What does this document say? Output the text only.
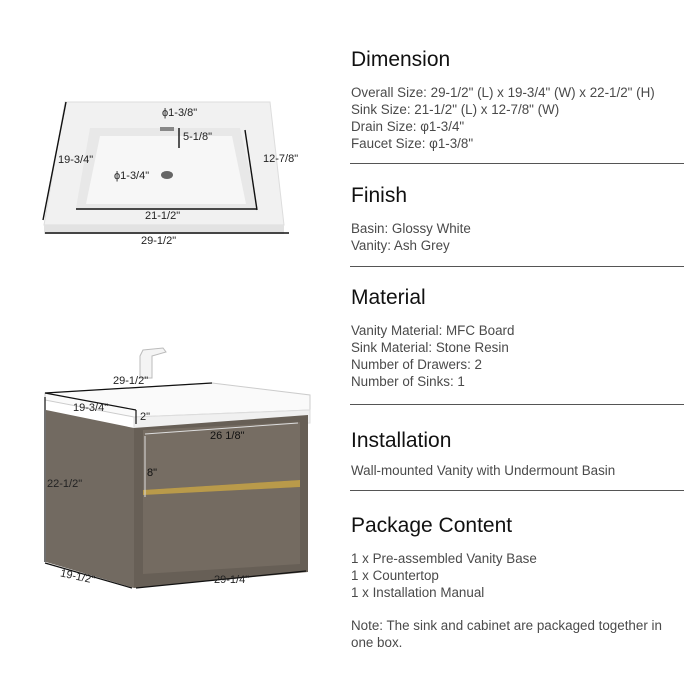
ϕ1-3/8"
5-1/8"
ϕ1-3/4"
19-3/4"	12-7/8"
21-1/2"
29-1/2"
29-1/2"
19-3/4"
2"
26 1/8"
8"
22-1/2"
19-1/2"	29-1/4"
Dimension
Overall Size: 29-1/2" (L) x 19-3/4" (W) x 22-1/2" (H)
Sink Size: 21-1/2" (L) x 12-7/8" (W)
Drain Size: φ1-3/4"
Faucet Size: φ1-3/8"
Finish
Basin: Glossy White
Vanity: Ash Grey
Material
Vanity Material: MFC Board
Sink Material: Stone Resin
Number of Drawers: 2
Number of Sinks: 1
Installation
Wall-mounted Vanity with Undermount Basin
Package Content
1 x Pre-assembled Vanity Base
1 x Countertop
1 x Installation Manual
Note: The sink and cabinet are packaged together in
one box.
